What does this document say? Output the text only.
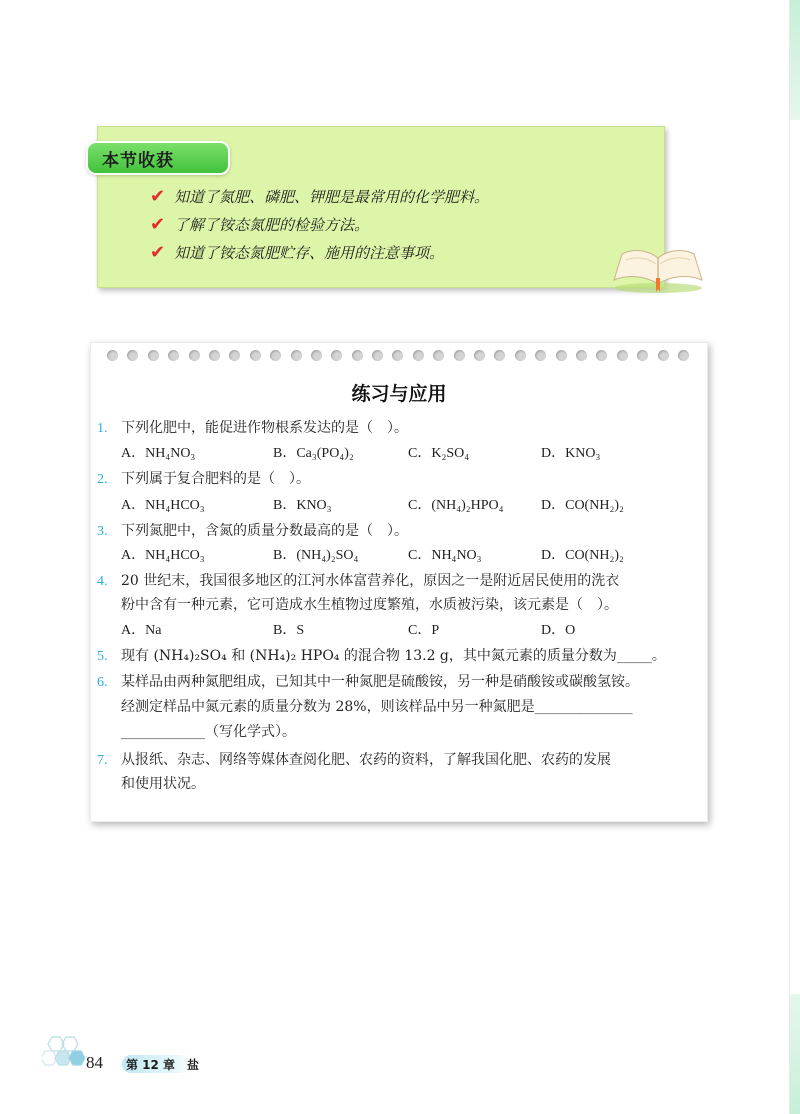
本节收获
✔ 知道了氮肥、磷肥、钾肥是最常用的化学肥料。
✔ 了解了铵态氮肥的检验方法。
✔ 知道了铵态氮肥贮存、施用的注意事项。
练习与应用
1. 下列化肥中，能促进作物根系发达的是（　）。
A．NH₄NO₃	B．Ca₃(PO₄)₂	C．K₂SO₄	D．KNO₃
2. 下列属于复合肥料的是（　）。
A．NH₄HCO₃	B．KNO₃	C．(NH₄)₂HPO₄	D．CO(NH₂)₂
3. 下列氮肥中，含氮的质量分数最高的是（　）。
A．NH₄HCO₃	B．(NH₄)₂SO₄	C．NH₄NO₃	D．CO(NH₂)₂
4. 20 世纪末，我国很多地区的江河水体富营养化，原因之一是附近居民使用的洗衣
粉中含有一种元素，它可造成水生植物过度繁殖，水质被污染，该元素是（　）。
A．Na	B．S	C．P	D．O
5. 现有 (NH₄)₂SO₄ 和 (NH₄)₂ HPO₄ 的混合物 13.2 g，其中氮元素的质量分数为_____。
6. 某样品由两种氮肥组成，已知其中一种氮肥是硫酸铵，另一种是硝酸铵或碳酸氢铵。
经测定样品中氮元素的质量分数为 28%，则该样品中另一种氮肥是______________
____________（写化学式）。
7. 从报纸、杂志、网络等媒体查阅化肥、农药的资料，了解我国化肥、农药的发展
和使用状况。
84 第 12 章　盐
